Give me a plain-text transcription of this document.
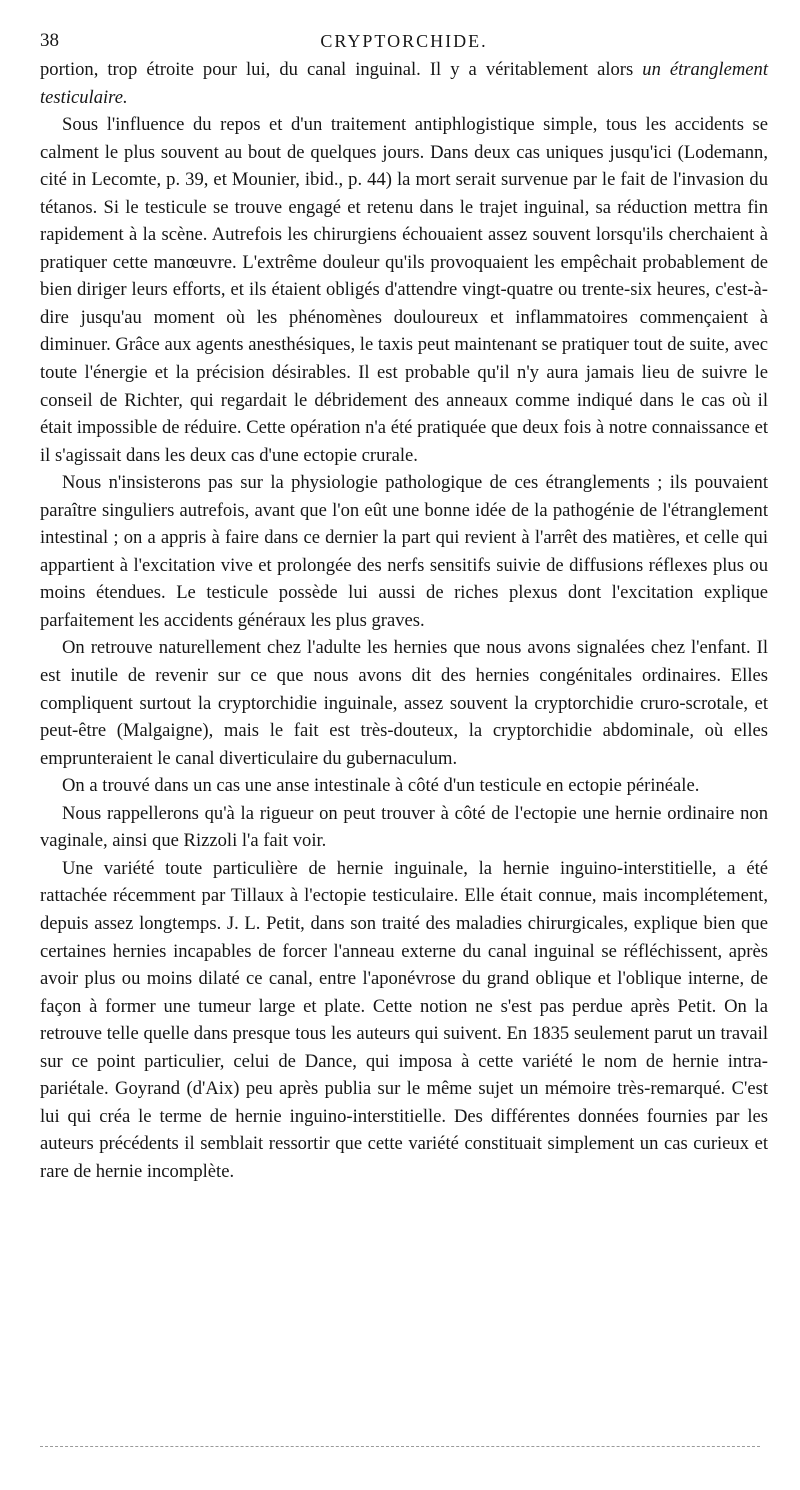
38	CRYPTORCHIDE.

portion, trop étroite pour lui, du canal inguinal. Il y a véritablement alors un étranglement testiculaire.

Sous l'influence du repos et d'un traitement antiphlogistique simple, tous les accidents se calment le plus souvent au bout de quelques jours. Dans deux cas uniques jusqu'ici (Lodemann, cité in Lecomte, p. 39, et Mounier, ibid., p. 44) la mort serait survenue par le fait de l'invasion du tétanos. Si le testicule se trouve engagé et retenu dans le trajet inguinal, sa réduction mettra fin rapidement à la scène. Autrefois les chirurgiens échouaient assez souvent lorsqu'ils cherchaient à pratiquer cette manœuvre. L'extrême douleur qu'ils provoquaient les empêchait probablement de bien diriger leurs efforts, et ils étaient obligés d'attendre vingt-quatre ou trente-six heures, c'est-à-dire jusqu'au moment où les phénomènes douloureux et inflammatoires commençaient à diminuer. Grâce aux agents anesthésiques, le taxis peut maintenant se pratiquer tout de suite, avec toute l'énergie et la précision désirables. Il est probable qu'il n'y aura jamais lieu de suivre le conseil de Richter, qui regardait le débridement des anneaux comme indiqué dans le cas où il était impossible de réduire. Cette opération n'a été pratiquée que deux fois à notre connaissance et il s'agissait dans les deux cas d'une ectopie crurale.

Nous n'insisterons pas sur la physiologie pathologique de ces étranglements ; ils pouvaient paraître singuliers autrefois, avant que l'on eût une bonne idée de la pathogénie de l'étranglement intestinal ; on a appris à faire dans ce dernier la part qui revient à l'arrêt des matières, et celle qui appartient à l'excitation vive et prolongée des nerfs sensitifs suivie de diffusions réflexes plus ou moins étendues. Le testicule possède lui aussi de riches plexus dont l'excitation explique parfaitement les accidents généraux les plus graves.

On retrouve naturellement chez l'adulte les hernies que nous avons signalées chez l'enfant. Il est inutile de revenir sur ce que nous avons dit des hernies congénitales ordinaires. Elles compliquent surtout la cryptorchidie inguinale, assez souvent la cryptorchidie cruro-scrotale, et peut-être (Malgaigne), mais le fait est très-douteux, la cryptorchidie abdominale, où elles emprunteraient le canal diverticulaire du gubernaculum.

On a trouvé dans un cas une anse intestinale à côté d'un testicule en ectopie périnéale.

Nous rappellerons qu'à la rigueur on peut trouver à côté de l'ectopie une hernie ordinaire non vaginale, ainsi que Rizzoli l'a fait voir.

Une variété toute particulière de hernie inguinale, la hernie inguino-interstitielle, a été rattachée récemment par Tillaux à l'ectopie testiculaire. Elle était connue, mais incomplétement, depuis assez longtemps. J. L. Petit, dans son traité des maladies chirurgicales, explique bien que certaines hernies incapables de forcer l'anneau externe du canal inguinal se réfléchissent, après avoir plus ou moins dilaté ce canal, entre l'aponévrose du grand oblique et l'oblique interne, de façon à former une tumeur large et plate. Cette notion ne s'est pas perdue après Petit. On la retrouve telle quelle dans presque tous les auteurs qui suivent. En 1835 seulement parut un travail sur ce point particulier, celui de Dance, qui imposa à cette variété le nom de hernie intra-pariétale. Goyrand (d'Aix) peu après publia sur le même sujet un mémoire très-remarqué. C'est lui qui créa le terme de hernie inguino-interstitielle. Des différentes données fournies par les auteurs précédents il semblait ressortir que cette variété constituait simplement un cas curieux et rare de hernie incomplète.
